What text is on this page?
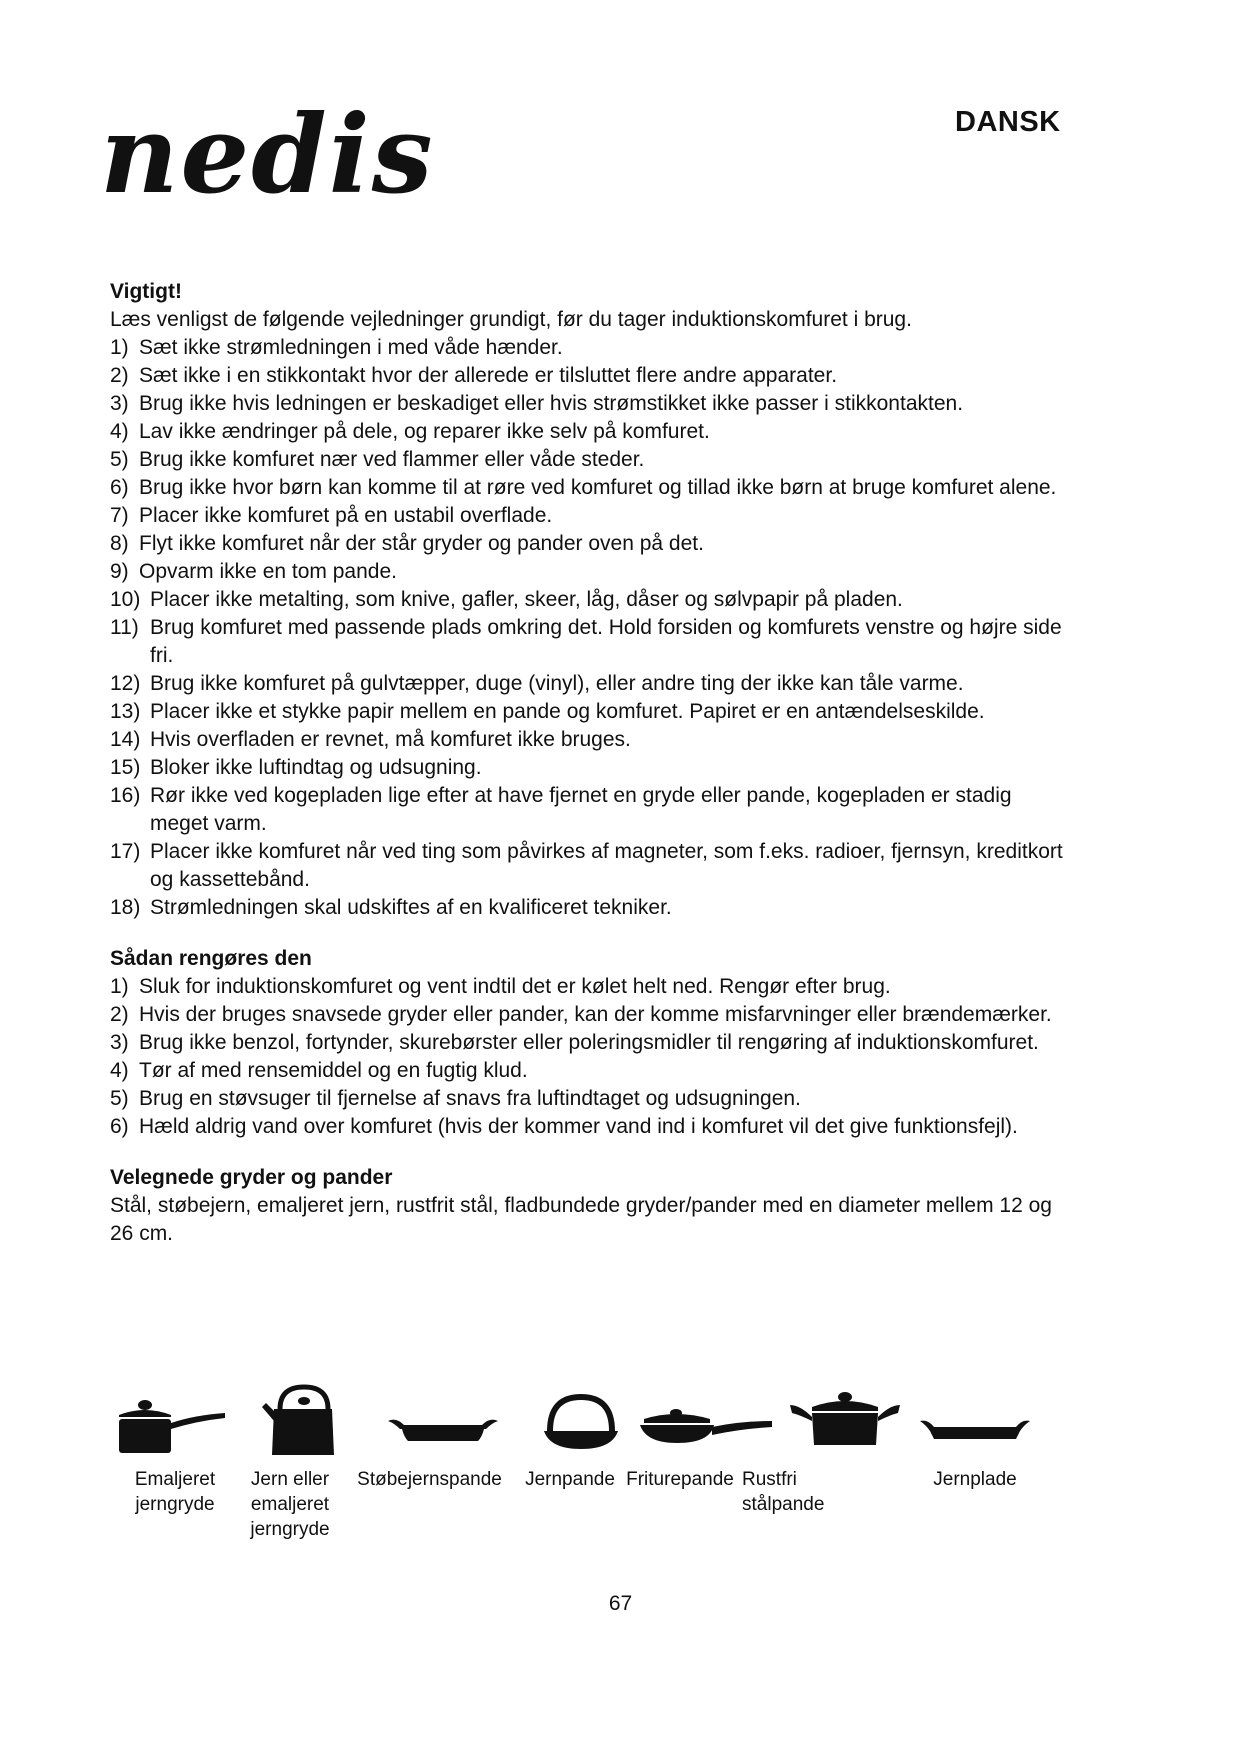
nedis	DANSK

Vigtigt!

Læs venligst de følgende vejledninger grundigt, før du tager induktionskomfuret i brug.

1) Sæt ikke strømledningen i med våde hænder.
2) Sæt ikke i en stikkontakt hvor der allerede er tilsluttet flere andre apparater.
3) Brug ikke hvis ledningen er beskadiget eller hvis strømstikket ikke passer i stikkontakten.
4) Lav ikke ændringer på dele, og reparer ikke selv på komfuret.
5) Brug ikke komfuret nær ved flammer eller våde steder.
6) Brug ikke hvor børn kan komme til at røre ved komfuret og tillad ikke børn at bruge komfuret alene.
7) Placer ikke komfuret på en ustabil overflade.
8) Flyt ikke komfuret når der står gryder og pander oven på det.
9) Opvarm ikke en tom pande.
10) Placer ikke metalting, som knive, gafler, skeer, låg, dåser og sølvpapir på pladen.
11) Brug komfuret med passende plads omkring det. Hold forsiden og komfurets venstre og højre side fri.
12) Brug ikke komfuret på gulvtæpper, duge (vinyl), eller andre ting der ikke kan tåle varme.
13) Placer ikke et stykke papir mellem en pande og komfuret. Papiret er en antændelseskilde.
14) Hvis overfladen er revnet, må komfuret ikke bruges.
15) Bloker ikke luftindtag og udsugning.
16) Rør ikke ved kogepladen lige efter at have fjernet en gryde eller pande, kogepladen er stadig meget varm.
17) Placer ikke komfuret når ved ting som påvirkes af magneter, som f.eks. radioer, fjernsyn, kreditkort og kassettebånd.
18) Strømledningen skal udskiftes af en kvalificeret tekniker.

Sådan rengøres den

1) Sluk for induktionskomfuret og vent indtil det er kølet helt ned. Rengør efter brug.
2) Hvis der bruges snavsede gryder eller pander, kan der komme misfarvninger eller brændemærker.
3) Brug ikke benzol, fortynder, skurebørster eller poleringsmidler til rengøring af induktionskomfuret.
4) Tør af med rensemiddel og en fugtig klud.
5) Brug en støvsuger til fjernelse af snavs fra luftindtaget og udsugningen.
6) Hæld aldrig vand over komfuret (hvis der kommer vand ind i komfuret vil det give funktionsfejl).

Velegnede gryder og pander

Stål, støbejern, emaljeret jern, rustfrit stål, fladbundede gryder/pander med en diameter mellem 12 og 26 cm.

Emaljeret
jerngryde
Jern eller
emaljeret
jerngryde
Støbejernspande	Jernpande Friturepande Rustfri
stålpande
Jernplade
67
